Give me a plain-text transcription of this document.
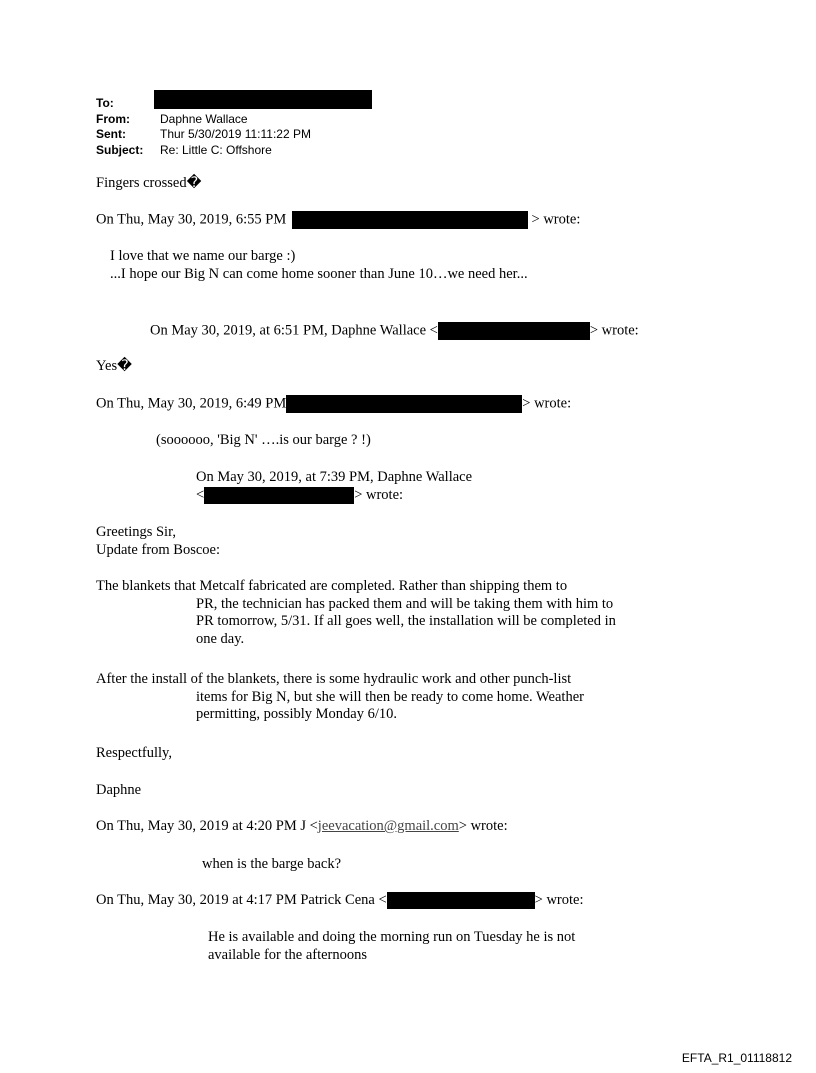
To:
From:	Daphne Wallace
Sent:	Thur 5/30/2019 11:11:22 PM
Subject:	Re: Little C: Offshore
Fingers crossed�
On Thu, May 30, 2019, 6:55 PM	> wrote:
I love that we name our barge :)
...I hope our Big N can come home sooner than June 10…we need her...
On May 30, 2019, at 6:51 PM, Daphne Wallace <	> wrote:
Yes�
On Thu, May 30, 2019, 6:49 PM	> wrote:
(soooooo, 'Big N' ….is our barge ? !)
On May 30, 2019, at 7:39 PM, Daphne Wallace
<	> wrote:
Greetings Sir,
Update from Boscoe:
The blankets that Metcalf fabricated are completed. Rather than shipping them to
PR, the technician has packed them and will be taking them with him to PR tomorrow, 5/31. If all goes well, the installation will be completed in one day.
After the install of the blankets, there is some hydraulic work and other punch-list
items for Big N, but she will then be ready to come home. Weather permitting, possibly Monday 6/10.
Respectfully,
Daphne
On Thu, May 30, 2019 at 4:20 PM J <jeevacation@gmail.com> wrote:
when is the barge back?
On Thu, May 30, 2019 at 4:17 PM Patrick Cena <	> wrote:
He is available and doing the morning run on Tuesday he is not available for the afternoons
EFTA_R1_01118812
